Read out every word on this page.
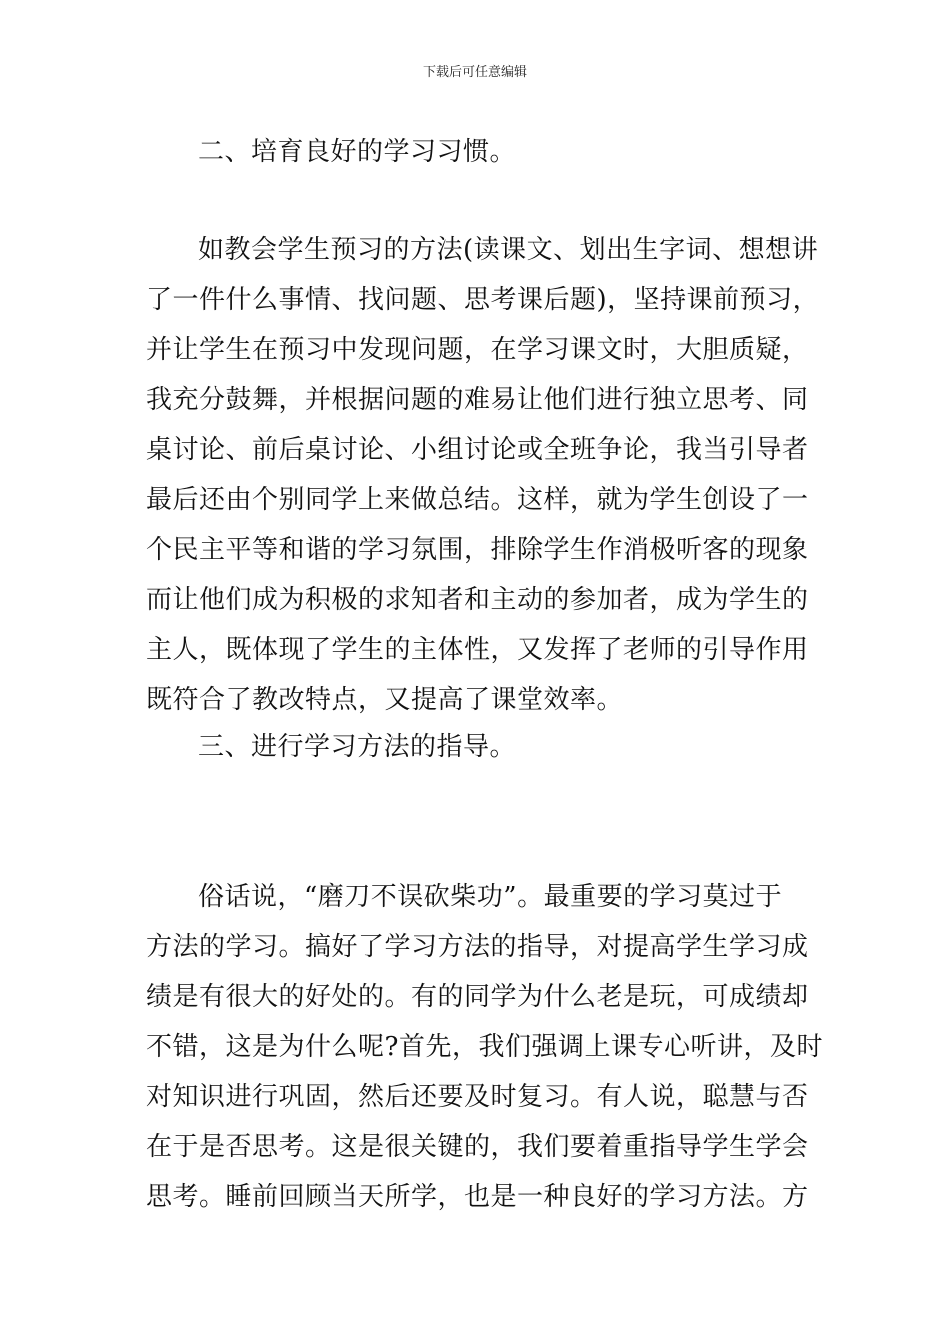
下载后可任意编辑
二、培育良好的学习习惯。
如教会学生预习的方法(读课文、划出生字词、想想讲
了一件什么事情、找问题、思考课后题)，坚持课前预习，
并让学生在预习中发现问题，在学习课文时，大胆质疑，
我充分鼓舞，并根据问题的难易让他们进行独立思考、同
桌讨论、前后桌讨论、小组讨论或全班争论，我当引导者
最后还由个别同学上来做总结。这样，就为学生创设了一
个民主平等和谐的学习氛围，排除学生作消极听客的现象
而让他们成为积极的求知者和主动的参加者，成为学生的
主人，既体现了学生的主体性，又发挥了老师的引导作用
既符合了教改特点，又提高了课堂效率。
三、进行学习方法的指导。
俗话说，“磨刀不误砍柴功”。最重要的学习莫过于
方法的学习。搞好了学习方法的指导，对提高学生学习成
绩是有很大的好处的。有的同学为什么老是玩，可成绩却
不错，这是为什么呢?首先，我们强调上课专心听讲，及时
对知识进行巩固，然后还要及时复习。有人说，聪慧与否
在于是否思考。这是很关键的，我们要着重指导学生学会
思考。睡前回顾当天所学，也是一种良好的学习方法。方
